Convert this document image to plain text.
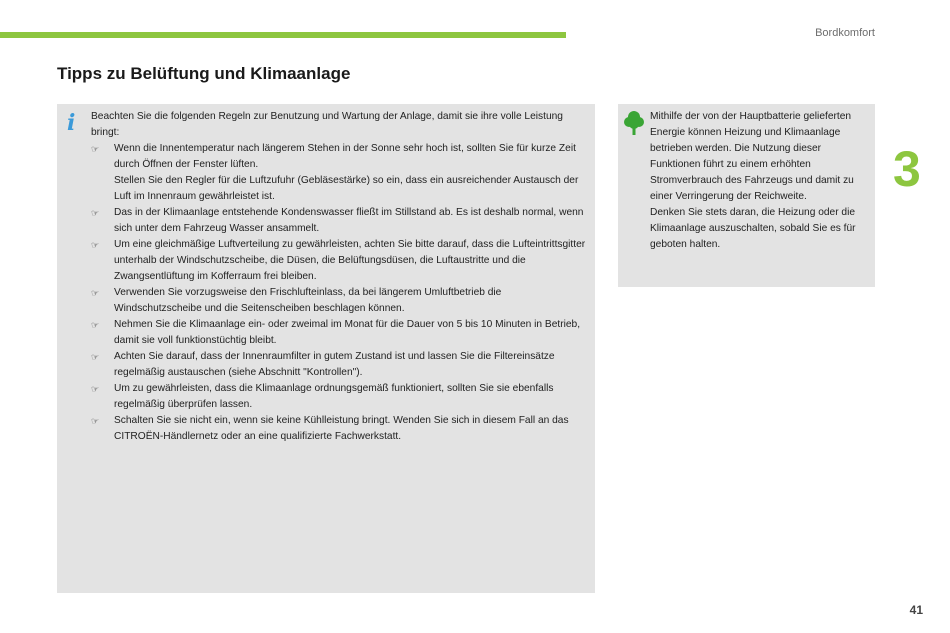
Bordkomfort
Tipps zu Belüftung und Klimaanlage
i Beachten Sie die folgenden Regeln zur Benutzung und Wartung der Anlage, damit sie ihre volle Leistung bringt:

☞ Wenn die Innentemperatur nach längerem Stehen in der Sonne sehr hoch ist, sollten Sie für kurze Zeit durch Öffnen der Fenster lüften.
Stellen Sie den Regler für die Luftzufuhr (Gebläsestärke) so ein, dass ein ausreichender Austausch der Luft im Innenraum gewährleistet ist.
☞ Das in der Klimaanlage entstehende Kondenswasser fließt im Stillstand ab. Es ist deshalb normal, wenn sich unter dem Fahrzeug Wasser ansammelt.
☞ Um eine gleichmäßige Luftverteilung zu gewährleisten, achten Sie bitte darauf, dass die Lufteintrittsgitter unterhalb der Windschutzscheibe, die Düsen, die Belüftungsdüsen, die Luftaustritte und die Zwangsentlüftung im Kofferraum frei bleiben.
☞ Verwenden Sie vorzugsweise den Frischlufteinlass, da bei längerem Umluftbetrieb die Windschutzscheibe und die Seitenscheiben beschlagen können.
☞ Nehmen Sie die Klimaanlage ein- oder zweimal im Monat für die Dauer von 5 bis 10 Minuten in Betrieb, damit sie voll funktionstüchtig bleibt.
☞ Achten Sie darauf, dass der Innenraumfilter in gutem Zustand ist und lassen Sie die Filtereinsätze regelmäßig austauschen (siehe Abschnitt "Kontrollen").
☞ Um zu gewährleisten, dass die Klimaanlage ordnungsgemäß funktioniert, sollten Sie sie ebenfalls regelmäßig überprüfen lassen.
☞ Schalten Sie sie nicht ein, wenn sie keine Kühlleistung bringt. Wenden Sie sich in diesem Fall an das CITROËN-Händlernetz oder an eine qualifizierte Fachwerkstatt.

Mithilfe der von der Hauptbatterie gelieferten Energie können Heizung und Klimaanlage betrieben werden. Die Nutzung dieser Funktionen führt zu einem erhöhten Stromverbrauch des Fahrzeugs und damit zu einer Verringerung der Reichweite.

Denken Sie stets daran, die Heizung oder die Klimaanlage auszuschalten, sobald Sie es für geboten halten.

3
41
